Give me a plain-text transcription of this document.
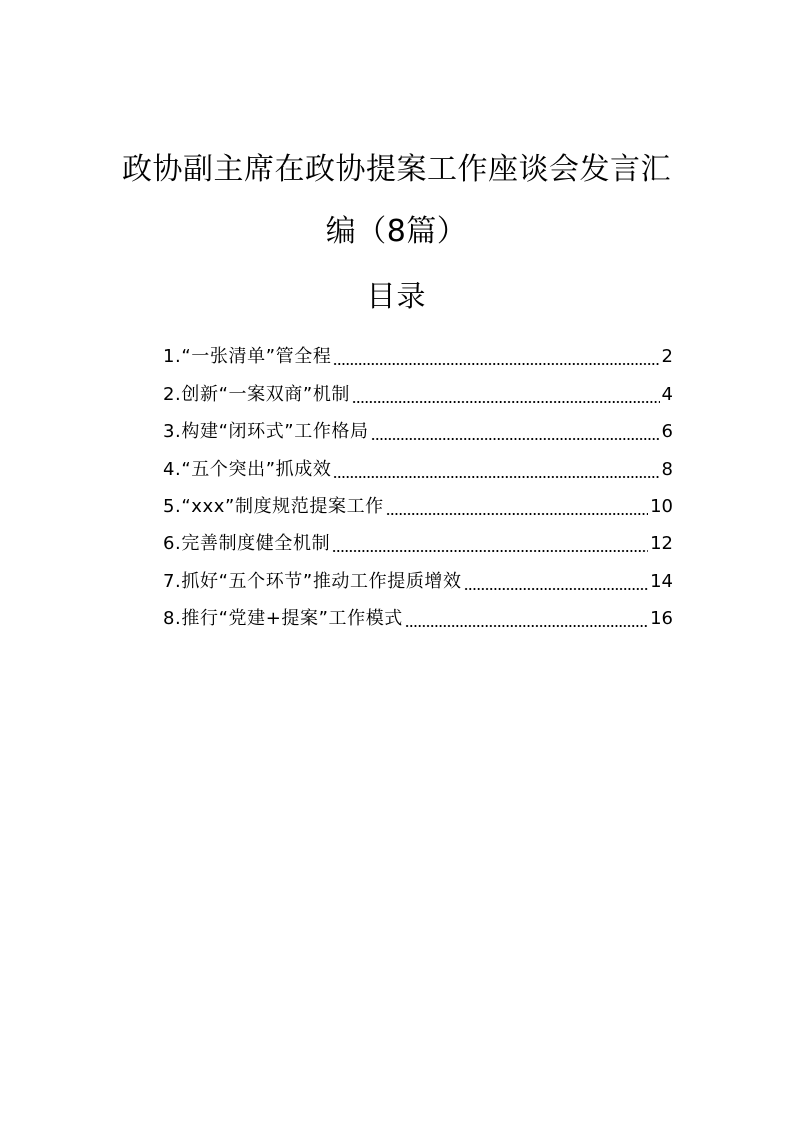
政协副主席在政协提案工作座谈会发言汇
编（8篇）
目录
1.“一张清单”管全程	2
2.创新“一案双商”机制	4
3.构建“闭环式”工作格局	6
4.“五个突出”抓成效	8
5.“xxx”制度规范提案工作	10
6.完善制度健全机制	12
7.抓好“五个环节”推动工作提质增效	14
8.推行“党建+提案”工作模式	16
